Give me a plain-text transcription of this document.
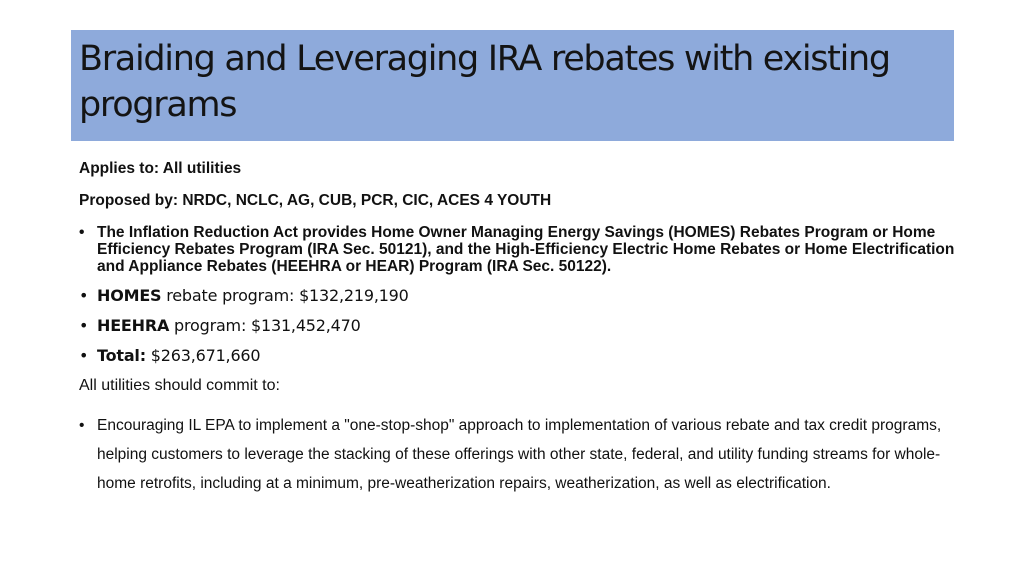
Braiding and Leveraging IRA rebates with existing programs

Applies to: All utilities

Proposed by: NRDC, NCLC, AG, CUB, PCR, CIC, ACES 4 YOUTH

• The Inflation Reduction Act provides Home Owner Managing Energy Savings (HOMES) Rebates Program or Home Efficiency Rebates Program (IRA Sec. 50121), and the High-Efficiency Electric Home Rebates or Home Electrification and Appliance Rebates (HEEHRA or HEAR) Program (IRA Sec. 50122).
• HOMES rebate program: $132,219,190
• HEEHRA program: $131,452,470
• Total: $263,671,660

All utilities should commit to:

• Encouraging IL EPA to implement a "one-stop-shop" approach to implementation of various rebate and tax credit programs, helping customers to leverage the stacking of these offerings with other state, federal, and utility funding streams for whole-home retrofits, including at a minimum, pre-weatherization repairs, weatherization, as well as electrification.
